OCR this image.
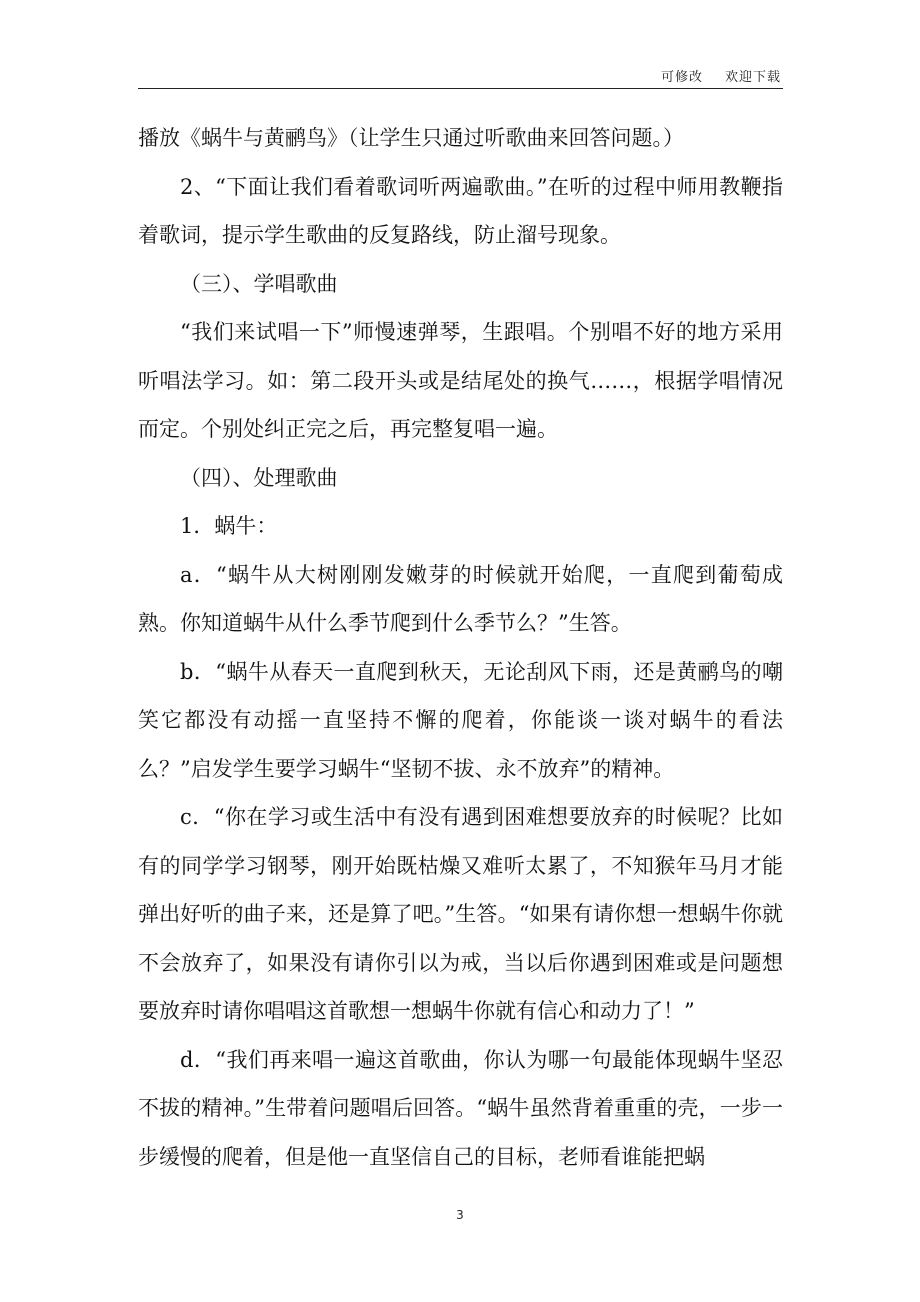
可修改 欢迎下载

播放《蜗牛与黄鹂鸟》（让学生只通过听歌曲来回答问题。）

2、“下面让我们看着歌词听两遍歌曲。”在听的过程中师用教鞭指着歌词，提示学生歌曲的反复路线，防止溜号现象。

（三）、学唱歌曲

“我们来试唱一下”师慢速弹琴，生跟唱。个别唱不好的地方采用听唱法学习。如：第二段开头或是结尾处的换气……，根据学唱情况而定。个别处纠正完之后，再完整复唱一遍。

（四）、处理歌曲

1．蜗牛：

a．“蜗牛从大树刚刚发嫩芽的时候就开始爬，一直爬到葡萄成熟。你知道蜗牛从什么季节爬到什么季节么？”生答。

b．“蜗牛从春天一直爬到秋天，无论刮风下雨，还是黄鹂鸟的嘲笑它都没有动摇一直坚持不懈的爬着，你能谈一谈对蜗牛的看法么？”启发学生要学习蜗牛“坚韧不拔、永不放弃”的精神。

c．“你在学习或生活中有没有遇到困难想要放弃的时候呢？比如有的同学学习钢琴，刚开始既枯燥又难听太累了，不知猴年马月才能弹出好听的曲子来，还是算了吧。”生答。“如果有请你想一想蜗牛你就不会放弃了，如果没有请你引以为戒，当以后你遇到困难或是问题想要放弃时请你唱唱这首歌想一想蜗牛你就有信心和动力了！”

d．“我们再来唱一遍这首歌曲，你认为哪一句最能体现蜗牛坚忍不拔的精神。”生带着问题唱后回答。“蜗牛虽然背着重重的壳，一步一步缓慢的爬着，但是他一直坚信自己的目标，老师看谁能把蜗

3
